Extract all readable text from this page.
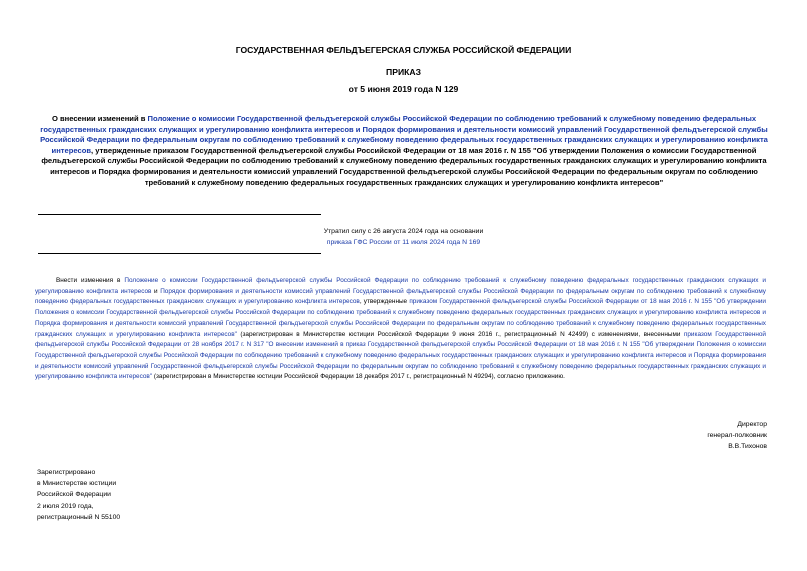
ГОСУДАРСТВЕННАЯ ФЕЛЬДЪЕГЕРСКАЯ СЛУЖБА РОССИЙСКОЙ ФЕДЕРАЦИИ
ПРИКАЗ
от 5 июня 2019 года N 129
О внесении изменений в Положение о комиссии Государственной фельдъегерской службы Российской Федерации по соблюдению требований к служебному поведению федеральных государственных гражданских служащих и урегулированию конфликта интересов и Порядок формирования и деятельности комиссий управлений Государственной фельдъегерской службы Российской Федерации по федеральным округам по соблюдению требований к служебному поведению федеральных государственных гражданских служащих и урегулированию конфликта интересов, утвержденные приказом Государственной фельдъегерской службы Российской Федерации от 18 мая 2016 г. N 155 "Об утверждении Положения о комиссии Государственной фельдъегерской службы Российской Федерации по соблюдению требований к служебному поведению федеральных государственных гражданских служащих и урегулированию конфликта интересов и Порядка формирования и деятельности комиссий управлений Государственной фельдъегерской службы Российской Федерации по федеральным округам по соблюдению требований к служебному поведению федеральных государственных гражданских служащих и урегулированию конфликта интересов"
Утратил силу с 26 августа 2024 года на основании
приказа ГФС России от 11 июля 2024 года N 169
Внести изменения в Положение о комиссии Государственной фельдъегерской службы Российской Федерации по соблюдению требований к служебному поведению федеральных государственных гражданских служащих и урегулированию конфликта интересов и Порядок формирования и деятельности комиссий управлений Государственной фельдъегерской службы Российской Федерации по федеральным округам по соблюдению требований к служебному поведению федеральных государственных гражданских служащих и урегулированию конфликта интересов, утвержденные приказом Государственной фельдъегерской службы Российской Федерации от 18 мая 2016 г. N 155 "Об утверждении Положения о комиссии Государственной фельдъегерской службы Российской Федерации по соблюдению требований к служебному поведению федеральных государственных гражданских служащих и урегулированию конфликта интересов и Порядка формирования и деятельности комиссий управлений Государственной фельдъегерской службы Российской Федерации по федеральным округам по соблюдению требований к служебному поведению федеральных государственных гражданских служащих и урегулированию конфликта интересов" (зарегистрирован в Министерстве юстиции Российской Федерации 9 июня 2016 г., регистрационный N 42499) с изменениями, внесенными приказом Государственной фельдъегерской службы Российской Федерации от 28 ноября 2017 г. N 317 "О внесении изменений в приказ Государственной фельдъегерской службы Российской Федерации от 18 мая 2016 г. N 155 "Об утверждении Положения о комиссии Государственной фельдъегерской службы Российской Федерации по соблюдению требований к служебному поведению федеральных государственных гражданских служащих и урегулированию конфликта интересов и Порядка формирования и деятельности комиссий управлений Государственной фельдъегерской службы Российской Федерации по федеральным округам по соблюдению требований к служебному поведению федеральных государственных гражданских служащих и урегулированию конфликта интересов" (зарегистрирован в Министерстве юстиции Российской Федерации 18 декабря 2017 г., регистрационный N 49294), согласно приложению.
Директор
генерал-полковник
В.В.Тихонов
Зарегистрировано
в Министерстве юстиции
Российской Федерации
2 июля 2019 года,
регистрационный N 55100
